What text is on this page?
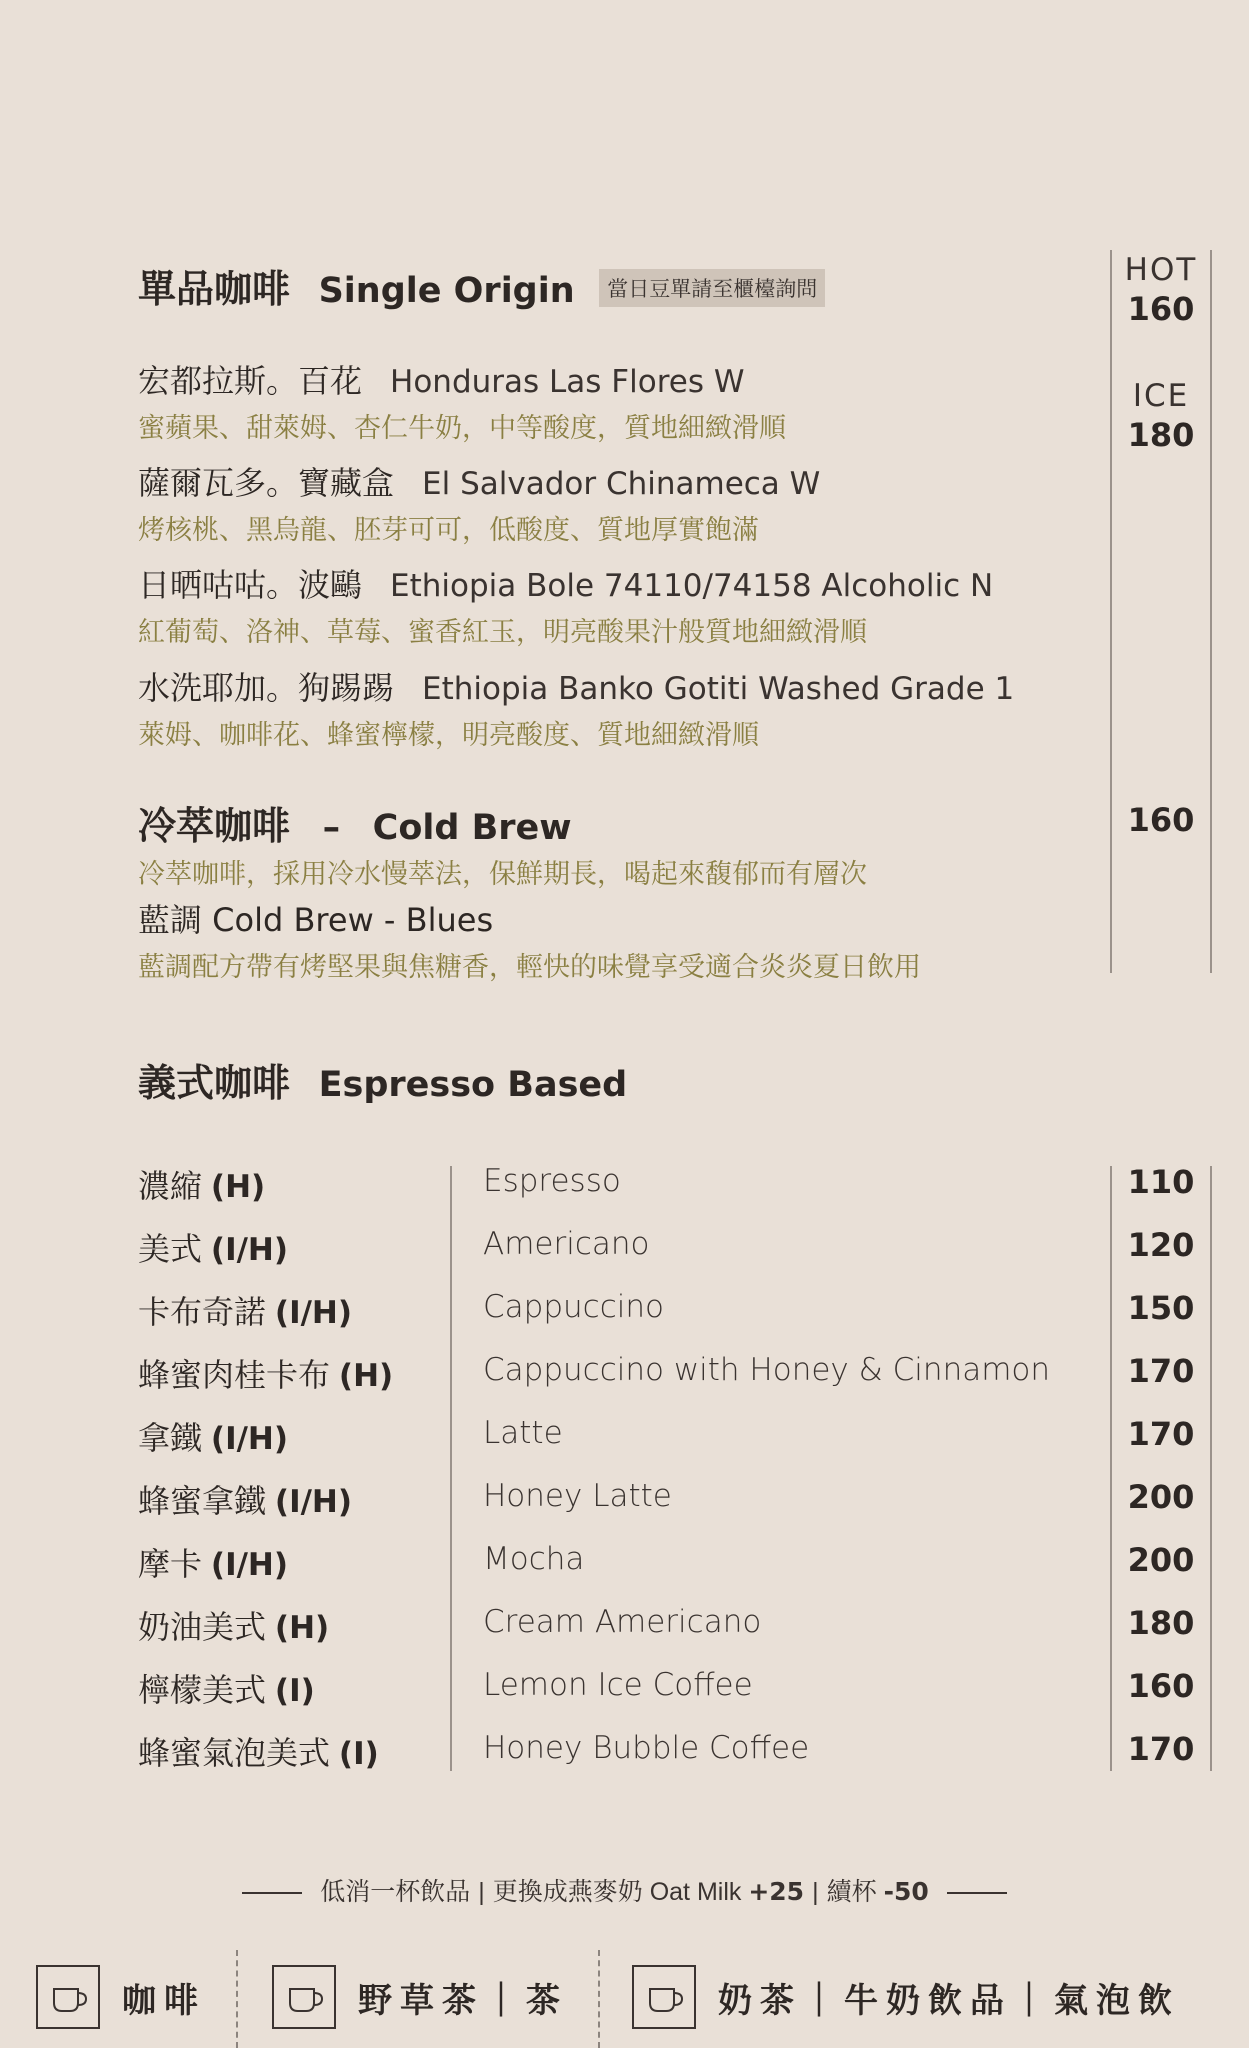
單品咖啡 Single Origin 當日豆單請至櫃檯詢問
HOT
160
ICE
180
宏都拉斯。百花 Honduras Las Flores W
蜜蘋果、甜萊姆、杏仁牛奶，中等酸度，質地細緻滑順
薩爾瓦多。寶藏盒 El Salvador Chinameca W
烤核桃、黑烏龍、胚芽可可，低酸度、質地厚實飽滿
日晒咕咕。波鷗 Ethiopia Bole 74110/74158 Alcoholic N
紅葡萄、洛神、草莓、蜜香紅玉，明亮酸果汁般質地細緻滑順
水洗耶加。狗踢踢 Ethiopia Banko Gotiti Washed Grade 1
萊姆、咖啡花、蜂蜜檸檬，明亮酸度、質地細緻滑順
冷萃咖啡 – Cold Brew	160
冷萃咖啡，採用冷水慢萃法，保鮮期長，喝起來馥郁而有層次
藍調 Cold Brew - Blues
藍調配方帶有烤堅果與焦糖香，輕快的味覺享受適合炎炎夏日飲用
義式咖啡 Espresso Based
濃縮 (H)	Espresso	110
美式 (I/H)	Americano	120
卡布奇諾 (I/H)	Cappuccino	150
蜂蜜肉桂卡布 (H)	Cappuccino with Honey & Cinnamon 170
拿鐵 (I/H)	Latte	170
蜂蜜拿鐵 (I/H)	Honey Latte	200
摩卡 (I/H)	Mocha	200
奶油美式 (H)	Cream Americano	180
檸檬美式 (I)	Lemon Ice Coffee	160
蜂蜜氣泡美式 (I)	Honey Bubble Coffee	170
低消一杯飲品 | 更換成燕麥奶 Oat Milk +25 | 續杯 -50
咖啡	野草茶｜茶	奶茶｜牛奶飲品｜氣泡飲
